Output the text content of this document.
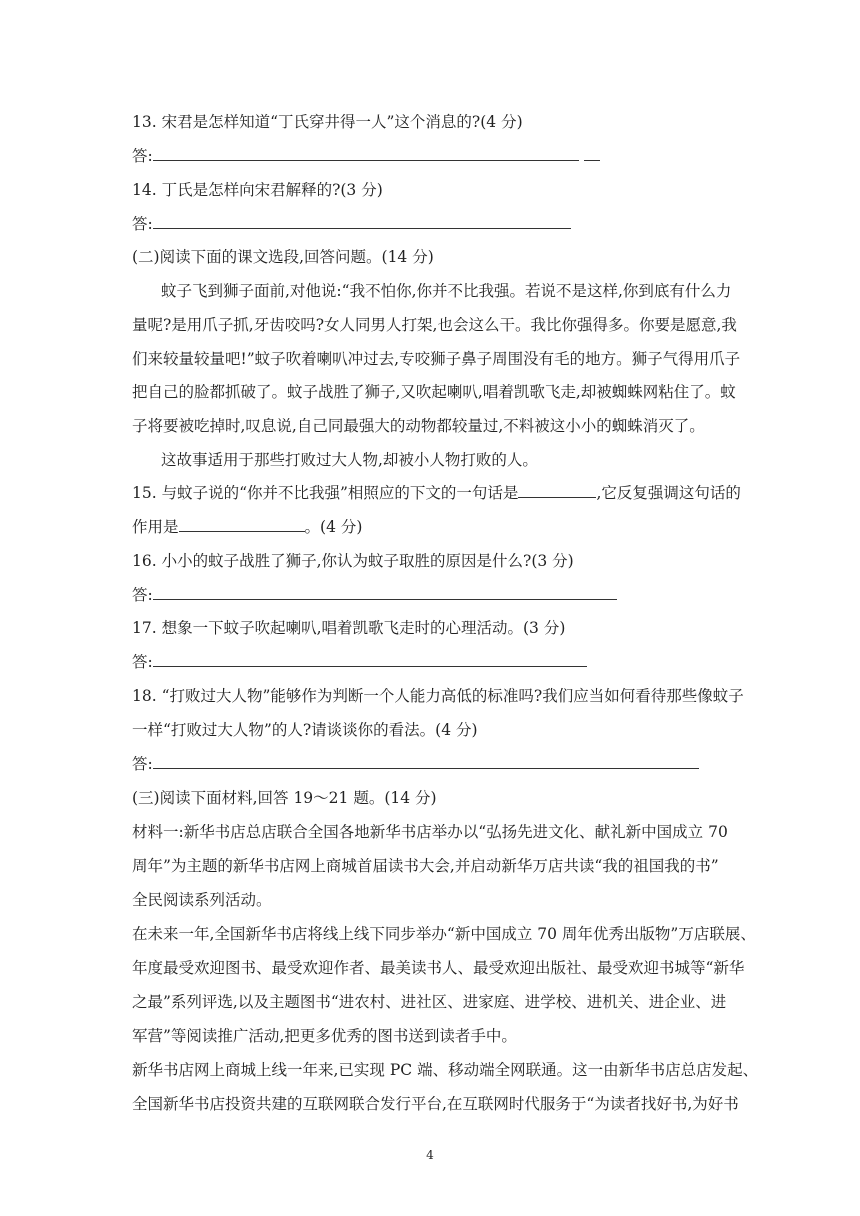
13. 宋君是怎样知道“丁氏穿井得一人”这个消息的?(4 分)
答:
14. 丁氏是怎样向宋君解释的?(3 分)
答:
(二)阅读下面的课文选段,回答问题。(14 分)
蚊子飞到狮子面前,对他说:“我不怕你,你并不比我强。若说不是这样,你到底有什么力
量呢?是用爪子抓,牙齿咬吗?女人同男人打架,也会这么干。我比你强得多。你要是愿意,我
们来较量较量吧!”蚊子吹着喇叭冲过去,专咬狮子鼻子周围没有毛的地方。狮子气得用爪子
把自己的脸都抓破了。蚊子战胜了狮子,又吹起喇叭,唱着凯歌飞走,却被蜘蛛网粘住了。蚊
子将要被吃掉时,叹息说,自己同最强大的动物都较量过,不料被这小小的蜘蛛消灭了。
这故事适用于那些打败过大人物,却被小人物打败的人。
15. 与蚊子说的“你并不比我强”相照应的下文的一句话是	,它反复强调这句话的
作用是	。(4 分)
16. 小小的蚊子战胜了狮子,你认为蚊子取胜的原因是什么?(3 分)
答:
17. 想象一下蚊子吹起喇叭,唱着凯歌飞走时的心理活动。(3 分)
答:
18. “打败过大人物”能够作为判断一个人能力高低的标准吗?我们应当如何看待那些像蚊子
一样“打败过大人物”的人?请谈谈你的看法。(4 分)
答:
(三)阅读下面材料,回答 19～21 题。(14 分)
材料一:新华书店总店联合全国各地新华书店举办以“弘扬先进文化、献礼新中国成立 70
周年”为主题的新华书店网上商城首届读书大会,并启动新华万店共读“我的祖国我的书”
全民阅读系列活动。
在未来一年,全国新华书店将线上线下同步举办“新中国成立 70 周年优秀出版物”万店联展、
年度最受欢迎图书、最受欢迎作者、最美读书人、最受欢迎出版社、最受欢迎书城等“新华
之最”系列评选,以及主题图书“进农村、进社区、进家庭、进学校、进机关、进企业、进
军营”等阅读推广活动,把更多优秀的图书送到读者手中。
新华书店网上商城上线一年来,已实现 PC 端、移动端全网联通。这一由新华书店总店发起、
全国新华书店投资共建的互联网联合发行平台,在互联网时代服务于“为读者找好书,为好书
4
